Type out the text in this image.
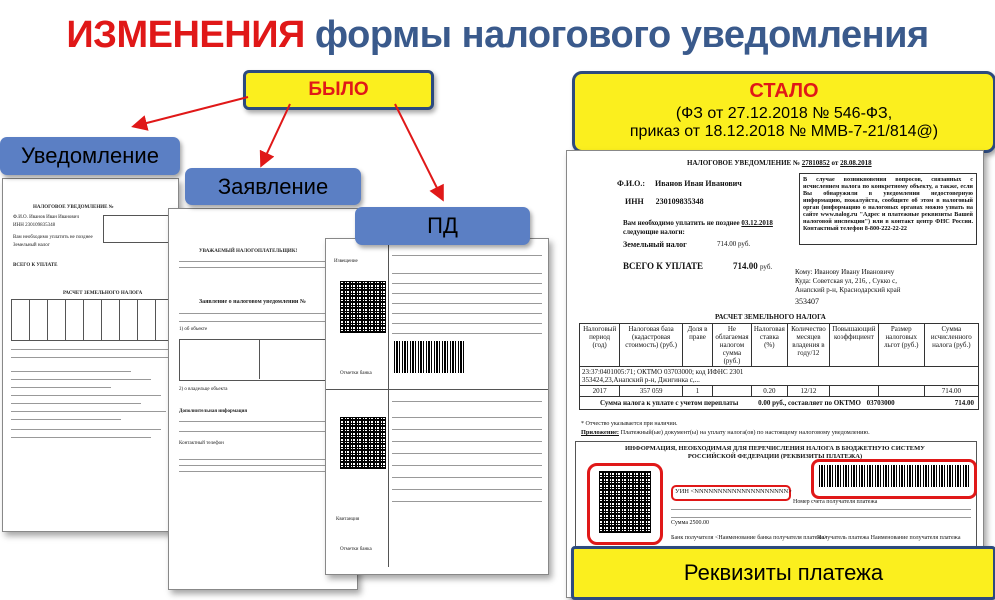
ИЗМЕНЕНИЯ формы налогового уведомления
БЫЛО
НАЛОГОВОЕ УВЕДОМЛЕНИЕ №
Ф.И.О. Иванов Иван Иванович
ИНН 230109835348
Вам необходимо уплатить не позднее
Земельный налог
ВСЕГО К УПЛАТЕ
РАСЧЕТ ЗЕМЕЛЬНОГО НАЛОГА
Уведомление
УВАЖАЕМЫЙ НАЛОГОПЛАТЕЛЬЩИК!
Заявление о налоговом уведомлении №
1) об объекте
2) о владельце объекта
Дополнительная информация
Контактный телефон
Заявление
Извещение
Отметки банка
Квитанция
Отметки банка
ПД
СТАЛО
(ФЗ от 27.12.2018 № 546-ФЗ,
приказ от 18.12.2018 № ММВ-7-21/814@)
НАЛОГОВОЕ УВЕДОМЛЕНИЕ № 27810852 от 28.08.2018
Ф.И.О.: Иванов Иван Иванович
ИНН 230109835348
Вам необходимо уплатить не позднее 03.12.2018
следующие налоги:
Земельный налог	714.00 руб.
ВСЕГО К УПЛАТЕ	714.00 руб.
В случае возникновения вопросов, связанных с исчислением налога по конкретному объекту, а также, если Вы обнаружили в уведомлении недостоверную информацию, пожалуйста, сообщите об этом в налоговый орган (информацию о налоговых органах можно узнать на сайте www.nalog.ru "Адрес и платежные реквизиты Вашей налоговой инспекции") или в контакт центр ФНС России. Контактный телефон 8-800-222-22-22
Кому: Иванову Ивану Ивановичу
Куда: Советская ул, 216, , Сукко с,
Анапский р-н, Краснодарский край
353407
РАСЧЕТ ЗЕМЕЛЬНОГО НАЛОГА
Налоговый период (год)	Налоговая база (кадастровая стоимость) (руб.)	Доля в праве	Не облагаемая налогом сумма (руб.)	Налоговая ставка (%)	Количество месяцев владения в году/12	Повышающий коэффициент	Размер налоговых льгот (руб.)	Сумма исчисленного налога (руб.)

23:37:0401005:71; ОКТМО 03703000; код ИФНС 2301
353424,23,Анапский р-н, Джигинка с,...								

2017	357 059	1		0.20	12/12			714.00
Сумма налога к уплате с учетом переплаты 0.00 руб., составляет по ОКТМО 03703000 714.00								
* Отчество указывается при наличии.
Приложение: Платежный(ые) документ(ы) на уплату налога(ов) по настоящему налоговому уведомлению.
ИНФОРМАЦИЯ, НЕОБХОДИМАЯ ДЛЯ ПЕРЕЧИСЛЕНИЯ НАЛОГА В БЮДЖЕТНУЮ СИСТЕМУ
РОССИЙСКОЙ ФЕДЕРАЦИИ (РЕКВИЗИТЫ ПЛАТЕЖА)
УИН <NNNNNNNNNNNNNNNNNNNN>
Номер счета получателя платежа
Сумма 2500.00
Банк получателя <Наименование банка получателя платежа>
Получатель платежа Наименование получателя платежа
Реквизиты платежа
